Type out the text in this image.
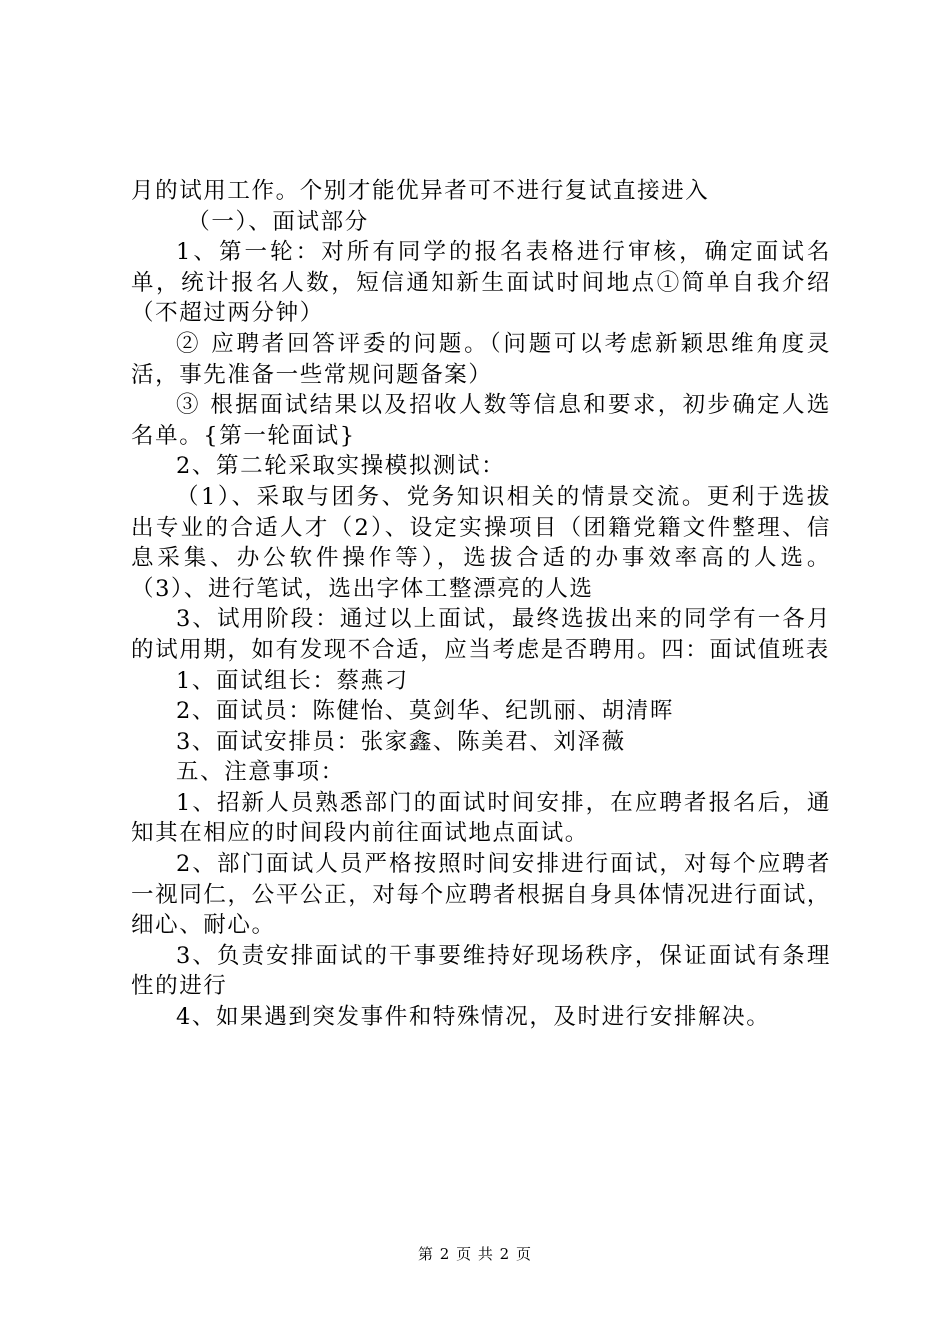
月的试用工作。个别才能优异者可不进行复试直接进入

（一）、面试部分

1、第一轮：对所有同学的报名表格进行审核，确定面试名单，统计报名人数，短信通知新生面试时间地点①简单自我介绍（不超过两分钟）

② 应聘者回答评委的问题。（问题可以考虑新颖思维角度灵活，事先准备一些常规问题备案）

③ 根据面试结果以及招收人数等信息和要求，初步确定人选名单。{第一轮面试}

2、第二轮采取实操模拟测试：

（1）、采取与团务、党务知识相关的情景交流。更利于选拔出专业的合适人才（2）、设定实操项目（团籍党籍文件整理、信息采集、办公软件操作等），选拔合适的办事效率高的人选。（3）、进行笔试，选出字体工整漂亮的人选

3、试用阶段：通过以上面试，最终选拔出来的同学有一各月的试用期，如有发现不合适，应当考虑是否聘用。四：面试值班表

1、面试组长：蔡燕刁

2、面试员：陈健怡、莫剑华、纪凯丽、胡清晖

3、面试安排员：张家鑫、陈美君、刘泽薇

五、注意事项：

1、招新人员熟悉部门的面试时间安排，在应聘者报名后，通知其在相应的时间段内前往面试地点面试。

2、部门面试人员严格按照时间安排进行面试，对每个应聘者一视同仁，公平公正，对每个应聘者根据自身具体情况进行面试，细心、耐心。

3、负责安排面试的干事要维持好现场秩序，保证面试有条理性的进行

4、如果遇到突发事件和特殊情况，及时进行安排解决。

第 2 页 共 2 页
